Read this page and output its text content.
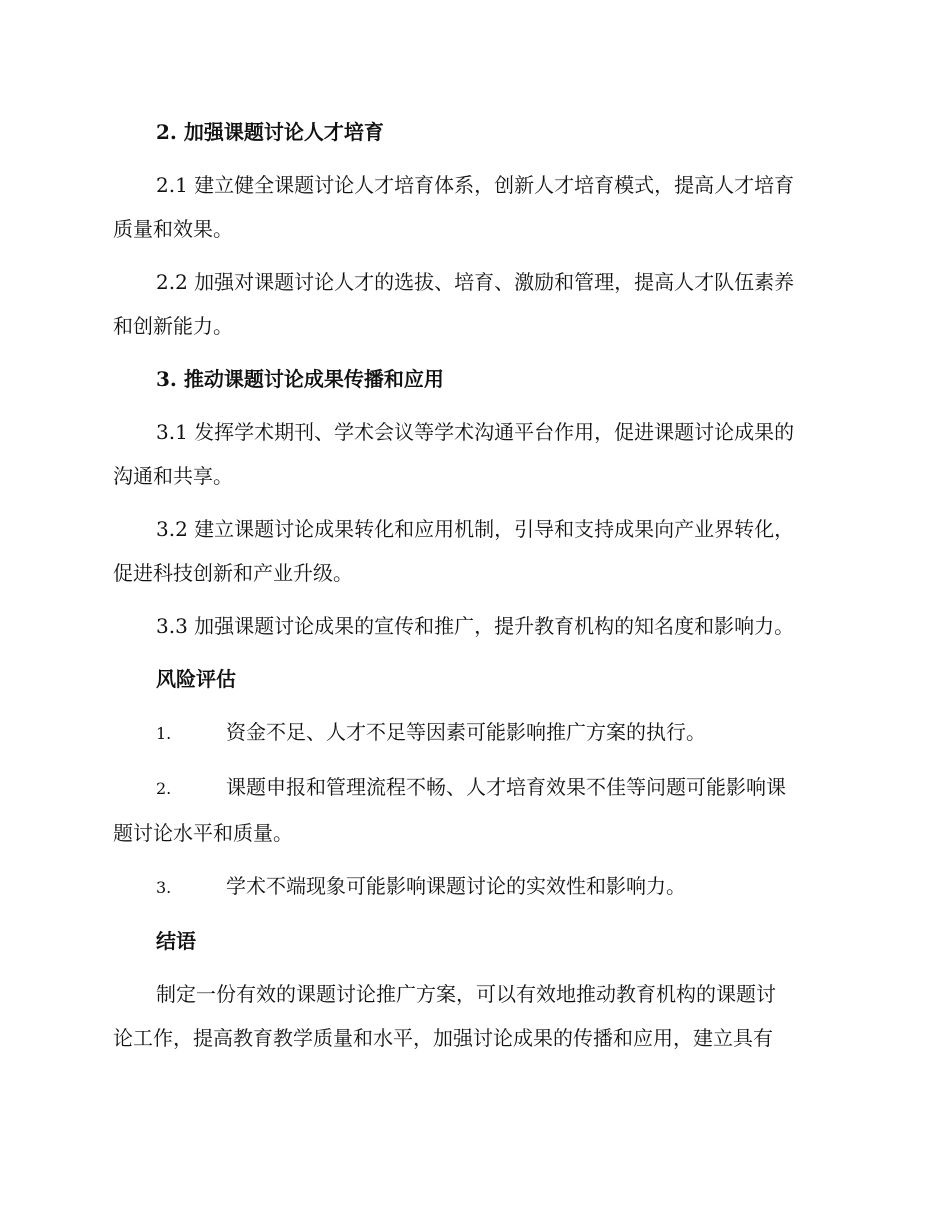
2. 加强课题讨论人才培育
2.1 建立健全课题讨论人才培育体系，创新人才培育模式，提高人才培育
质量和效果。
2.2 加强对课题讨论人才的选拔、培育、激励和管理，提高人才队伍素养
和创新能力。
3. 推动课题讨论成果传播和应用
3.1 发挥学术期刊、学术会议等学术沟通平台作用，促进课题讨论成果的
沟通和共享。
3.2 建立课题讨论成果转化和应用机制，引导和支持成果向产业界转化，
促进科技创新和产业升级。
3.3 加强课题讨论成果的宣传和推广，提升教育机构的知名度和影响力。
风险评估
1.	资金不足、人才不足等因素可能影响推广方案的执行。
2.	课题申报和管理流程不畅、人才培育效果不佳等问题可能影响课
题讨论水平和质量。
3.	学术不端现象可能影响课题讨论的实效性和影响力。
结语
制定一份有效的课题讨论推广方案，可以有效地推动教育机构的课题讨
论工作，提高教育教学质量和水平，加强讨论成果的传播和应用，建立具有
